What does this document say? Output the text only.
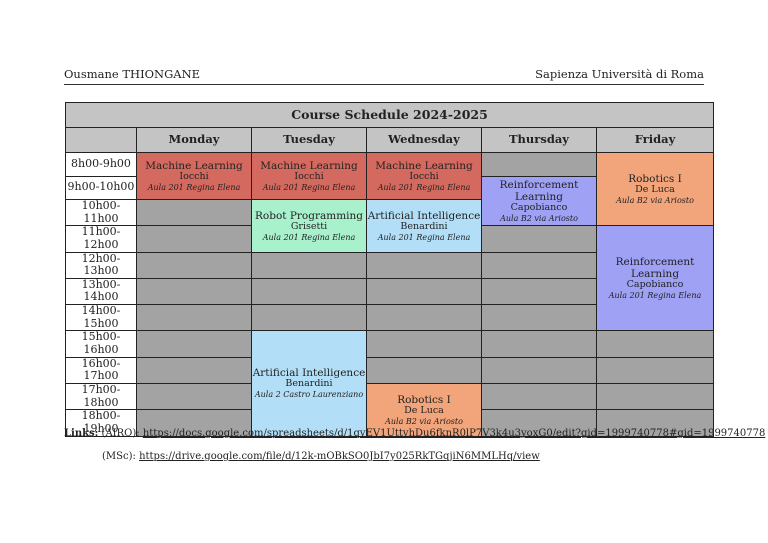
Ousmane THIONGANE	Sapienza Università di Roma
Course Schedule 2024-2025					
	Monday	Tuesday	Wednesday	Thursday	Friday
8h00-9h00	Machine Learning
Iocchi
Aula 201 Regina Elena	Machine Learning
Iocchi
Aula 201 Regina Elena	Machine Learning
Iocchi
Aula 201 Regina Elena		Robotics I
De Luca
Aula B2 via Ariosto

9h00-10h00				Reinforcement Learning
Capobianco
Aula B2 via Ariosto	

10h00-11h00		Robot Programming
Grisetti
Aula 201 Regina Elena	Artificial Intelligence
Benardini
Aula 201 Regina Elena		

11h00-12h00					Reinforcement Learning
Capobianco
Aula 201 Regina Elena

12h00-13h00					
13h00-14h00					
14h00-15h00					
15h00-16h00		Artificial Intelligence
Benardini
Aula 2 Castro Laurenziano			

16h00-17h00					
17h00-18h00			Robotics I
De Luca
Aula B2 via Ariosto		

18h00-19h00					
Links: (AIRO): https://docs.google.com/spreadsheets/d/1qvEV1UttvhDu6fknR0lP7V3k4u3yoxG0/edit?gid=1999740778#gid=1999740778
(MSc): https://drive.google.com/file/d/12k-mOBkSO0JbI7y025RkTGqjiN6MMLHq/view
